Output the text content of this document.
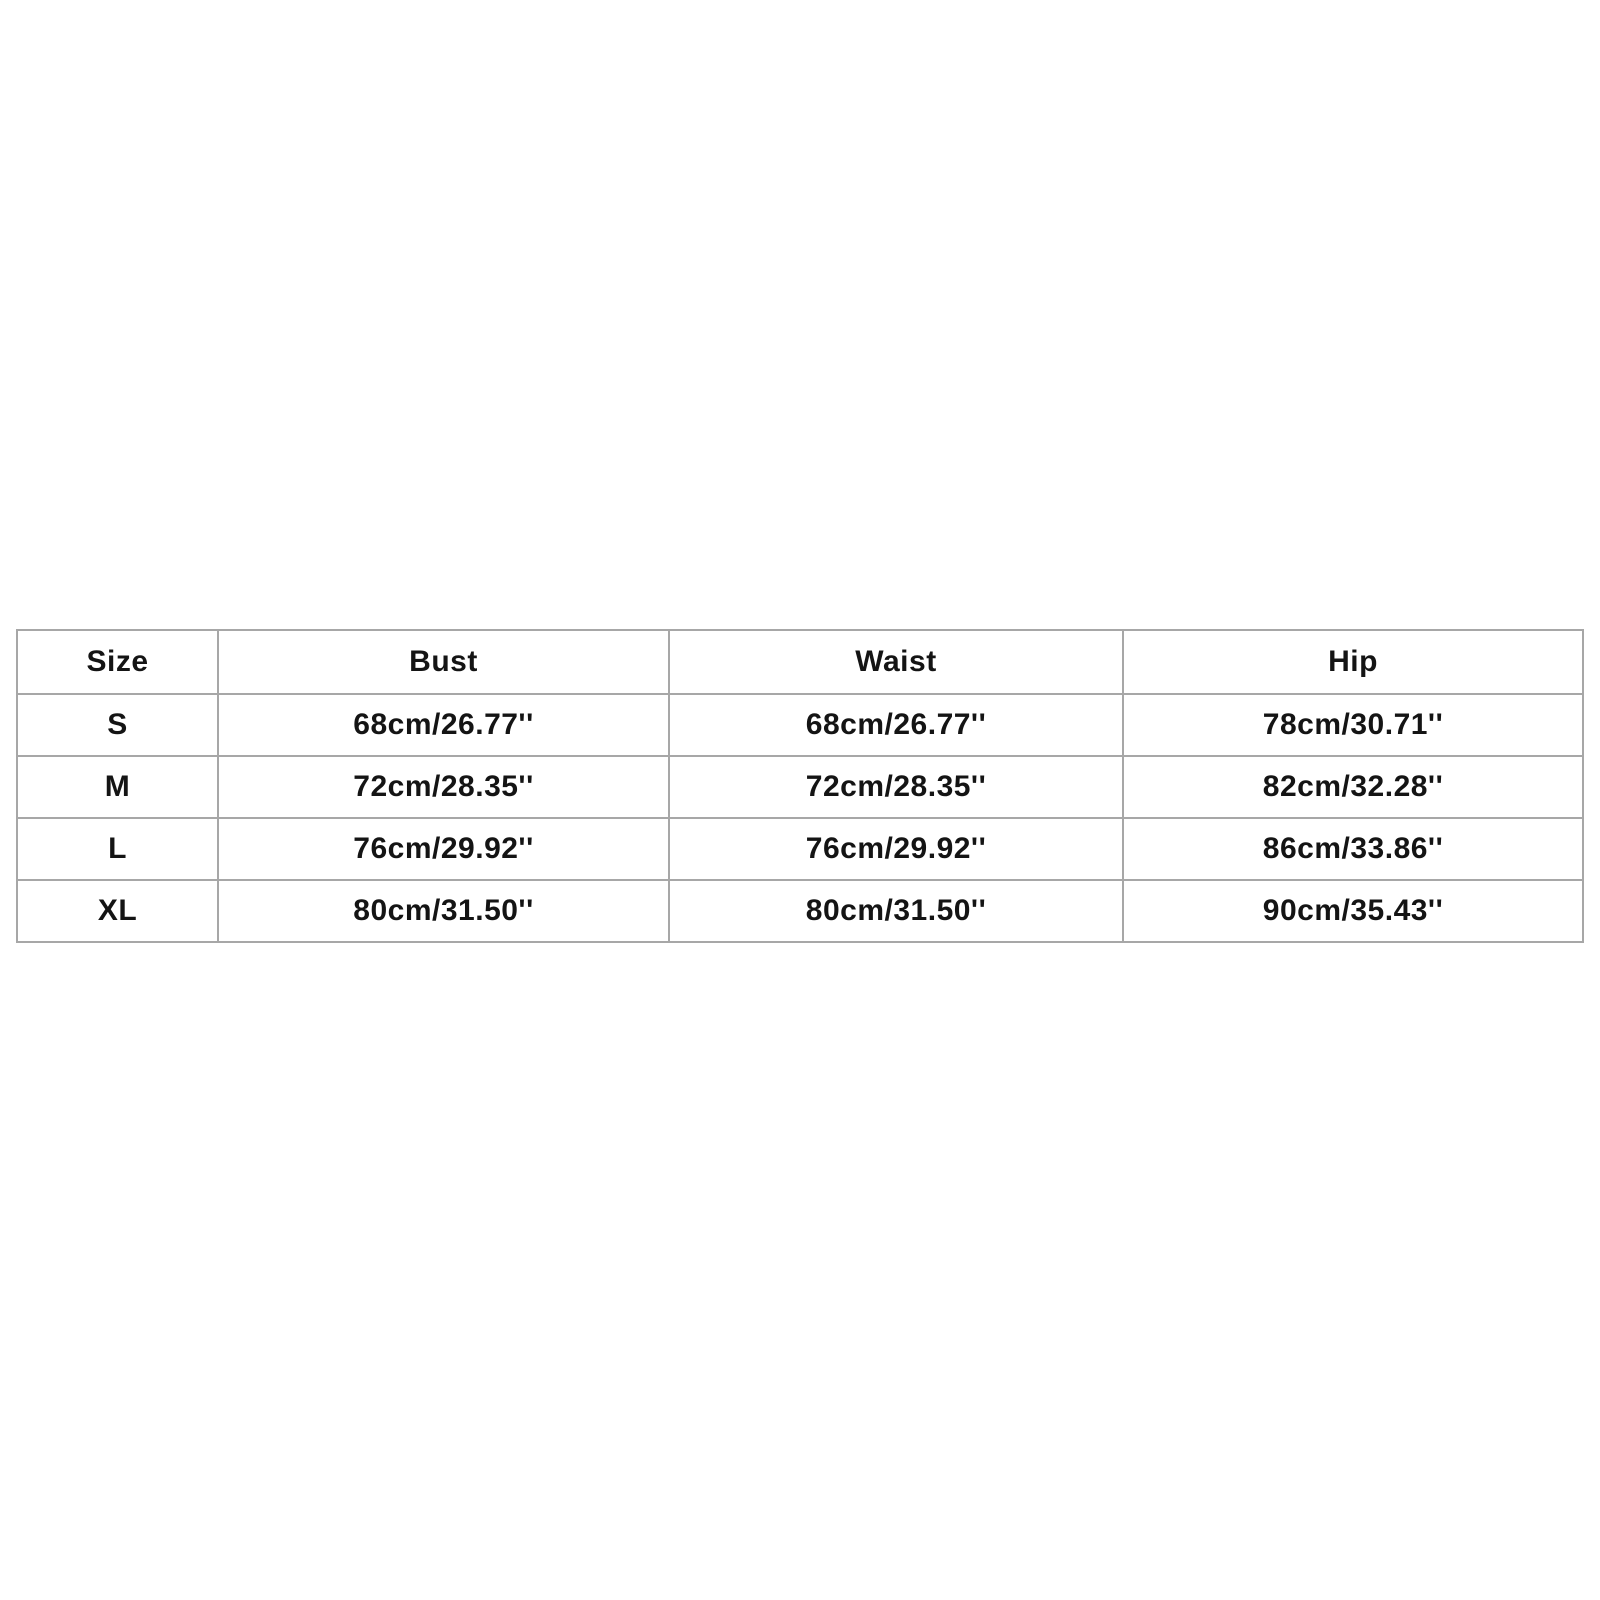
Size	Bust	Waist	Hip
S	68cm/26.77''	68cm/26.77''	78cm/30.71''
M	72cm/28.35''	72cm/28.35''	82cm/32.28''
L	76cm/29.92''	76cm/29.92''	86cm/33.86''
XL	80cm/31.50''	80cm/31.50''	90cm/35.43''
